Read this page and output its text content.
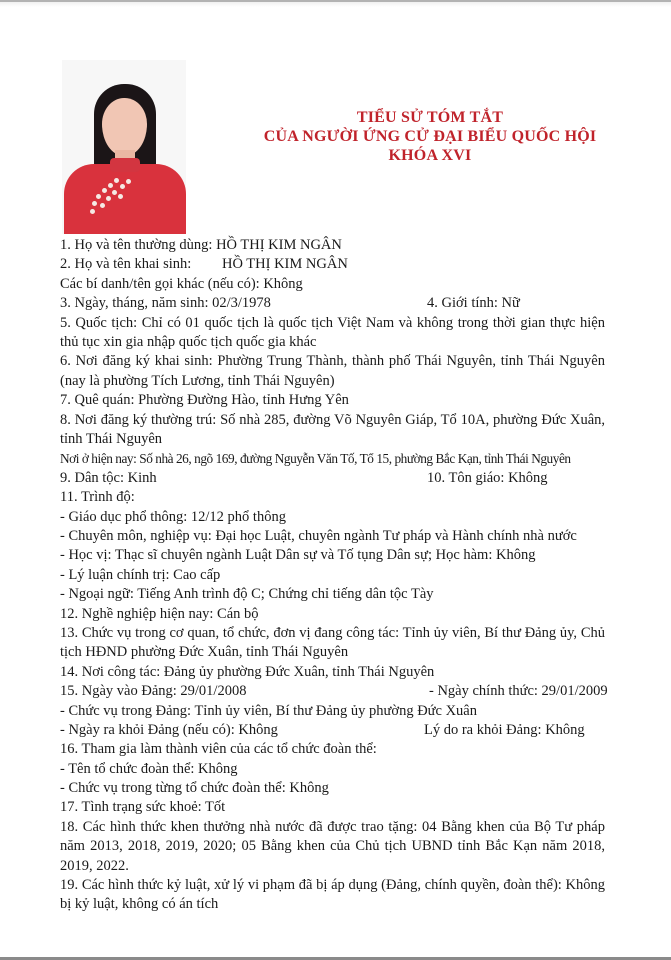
TIỂU SỬ TÓM TẮT
CỦA NGƯỜI ỨNG CỬ ĐẠI BIỂU QUỐC HỘI
KHÓA XVI
1. Họ và tên thường dùng: HỒ THỊ KIM NGÂN
2. Họ và tên khai sinh: HỒ THỊ KIM NGÂN
Các bí danh/tên gọi khác (nếu có): Không
3. Ngày, tháng, năm sinh: 02/3/1978	4. Giới tính: Nữ
5. Quốc tịch: Chỉ có 01 quốc tịch là quốc tịch Việt Nam và không trong thời gian thực hiện thủ tục xin gia nhập quốc tịch quốc gia khác
6. Nơi đăng ký khai sinh: Phường Trung Thành, thành phố Thái Nguyên, tỉnh Thái Nguyên (nay là phường Tích Lương, tỉnh Thái Nguyên)
7. Quê quán: Phường Đường Hào, tỉnh Hưng Yên
8. Nơi đăng ký thường trú: Số nhà 285, đường Võ Nguyên Giáp, Tổ 10A, phường Đức Xuân, tỉnh Thái Nguyên
Nơi ở hiện nay: Số nhà 26, ngõ 169, đường Nguyễn Văn Tố, Tổ 15, phường Bắc Kạn, tỉnh Thái Nguyên
9. Dân tộc: Kinh	10. Tôn giáo: Không
11. Trình độ:
- Giáo dục phổ thông: 12/12 phổ thông
- Chuyên môn, nghiệp vụ: Đại học Luật, chuyên ngành Tư pháp và Hành chính nhà nước
- Học vị: Thạc sĩ chuyên ngành Luật Dân sự và Tố tụng Dân sự; Học hàm: Không
- Lý luận chính trị: Cao cấp
- Ngoại ngữ: Tiếng Anh trình độ C; Chứng chỉ tiếng dân tộc Tày
12. Nghề nghiệp hiện nay: Cán bộ
13. Chức vụ trong cơ quan, tổ chức, đơn vị đang công tác: Tỉnh ủy viên, Bí thư Đảng ủy, Chủ tịch HĐND phường Đức Xuân, tỉnh Thái Nguyên
14. Nơi công tác: Đảng ủy phường Đức Xuân, tỉnh Thái Nguyên
15. Ngày vào Đảng: 29/01/2008	- Ngày chính thức: 29/01/2009
- Chức vụ trong Đảng: Tỉnh ủy viên, Bí thư Đảng ủy phường Đức Xuân
- Ngày ra khỏi Đảng (nếu có): Không	Lý do ra khỏi Đảng: Không
16. Tham gia làm thành viên của các tổ chức đoàn thể:
- Tên tổ chức đoàn thể: Không
- Chức vụ trong từng tổ chức đoàn thể: Không
17. Tình trạng sức khoẻ: Tốt
18. Các hình thức khen thưởng nhà nước đã được trao tặng: 04 Bằng khen của Bộ Tư pháp năm 2013, 2018, 2019, 2020; 05 Bằng khen của Chủ tịch UBND tỉnh Bắc Kạn năm 2018, 2019, 2022.
19. Các hình thức kỷ luật, xử lý vi phạm đã bị áp dụng (Đảng, chính quyền, đoàn thể): Không bị kỷ luật, không có án tích
